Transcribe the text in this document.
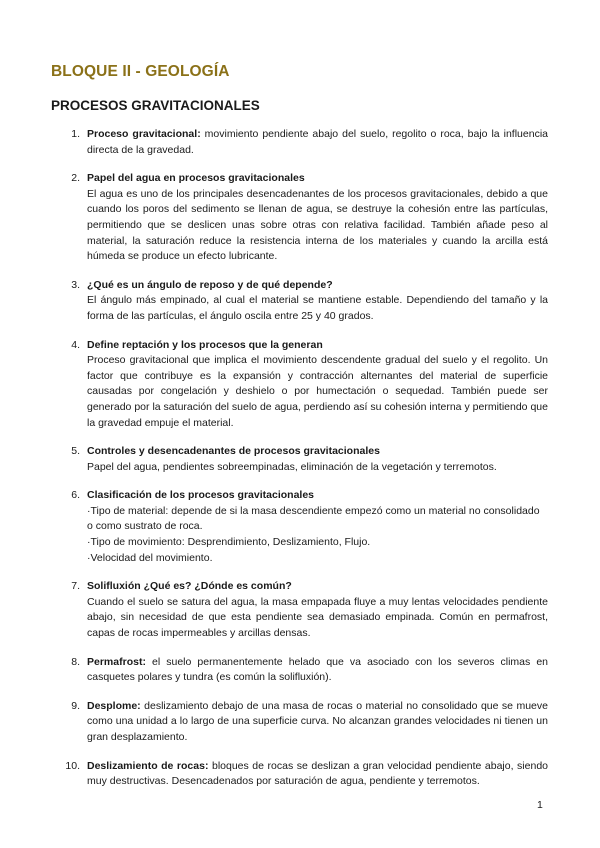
BLOQUE II - GEOLOGÍA
PROCESOS GRAVITACIONALES
1. Proceso gravitacional: movimiento pendiente abajo del suelo, regolito o roca, bajo la influencia directa de la gravedad.
2. Papel del agua en procesos gravitacionales
El agua es uno de los principales desencadenantes de los procesos gravitacionales, debido a que cuando los poros del sedimento se llenan de agua, se destruye la cohesión entre las partículas, permitiendo que se deslicen unas sobre otras con relativa facilidad. También añade peso al material, la saturación reduce la resistencia interna de los materiales y cuando la arcilla está húmeda se produce un efecto lubricante.
3. ¿Qué es un ángulo de reposo y de qué depende?
El ángulo más empinado, al cual el material se mantiene estable. Dependiendo del tamaño y la forma de las partículas, el ángulo oscila entre 25 y 40 grados.
4. Define reptación y los procesos que la generan
Proceso gravitacional que implica el movimiento descendente gradual del suelo y el regolito. Un factor que contribuye es la expansión y contracción alternantes del material de superficie causadas por congelación y deshielo o por humectación o sequedad. También puede ser generado por la saturación del suelo de agua, perdiendo así su cohesión interna y permitiendo que la gravedad empuje el material.
5. Controles y desencadenantes de procesos gravitacionales
Papel del agua, pendientes sobreempinadas, eliminación de la vegetación y terremotos.
6. Clasificación de los procesos gravitacionales
·Tipo de material: depende de si la masa descendiente empezó como un material no consolidado o como sustrato de roca.
·Tipo de movimiento: Desprendimiento, Deslizamiento, Flujo.
·Velocidad del movimiento.
7. Solifluxión ¿Qué es? ¿Dónde es común?
Cuando el suelo se satura del agua, la masa empapada fluye a muy lentas velocidades pendiente abajo, sin necesidad de que esta pendiente sea demasiado empinada. Común en permafrost, capas de rocas impermeables y arcillas densas.
8. Permafrost: el suelo permanentemente helado que va asociado con los severos climas en casquetes polares y tundra (es común la solifluxión).
9. Desplome: deslizamiento debajo de una masa de rocas o material no consolidado que se mueve como una unidad a lo largo de una superficie curva. No alcanzan grandes velocidades ni tienen un gran desplazamiento.
10. Deslizamiento de rocas: bloques de rocas se deslizan a gran velocidad pendiente abajo, siendo muy destructivas. Desencadenados por saturación de agua, pendiente y terremotos.
1
